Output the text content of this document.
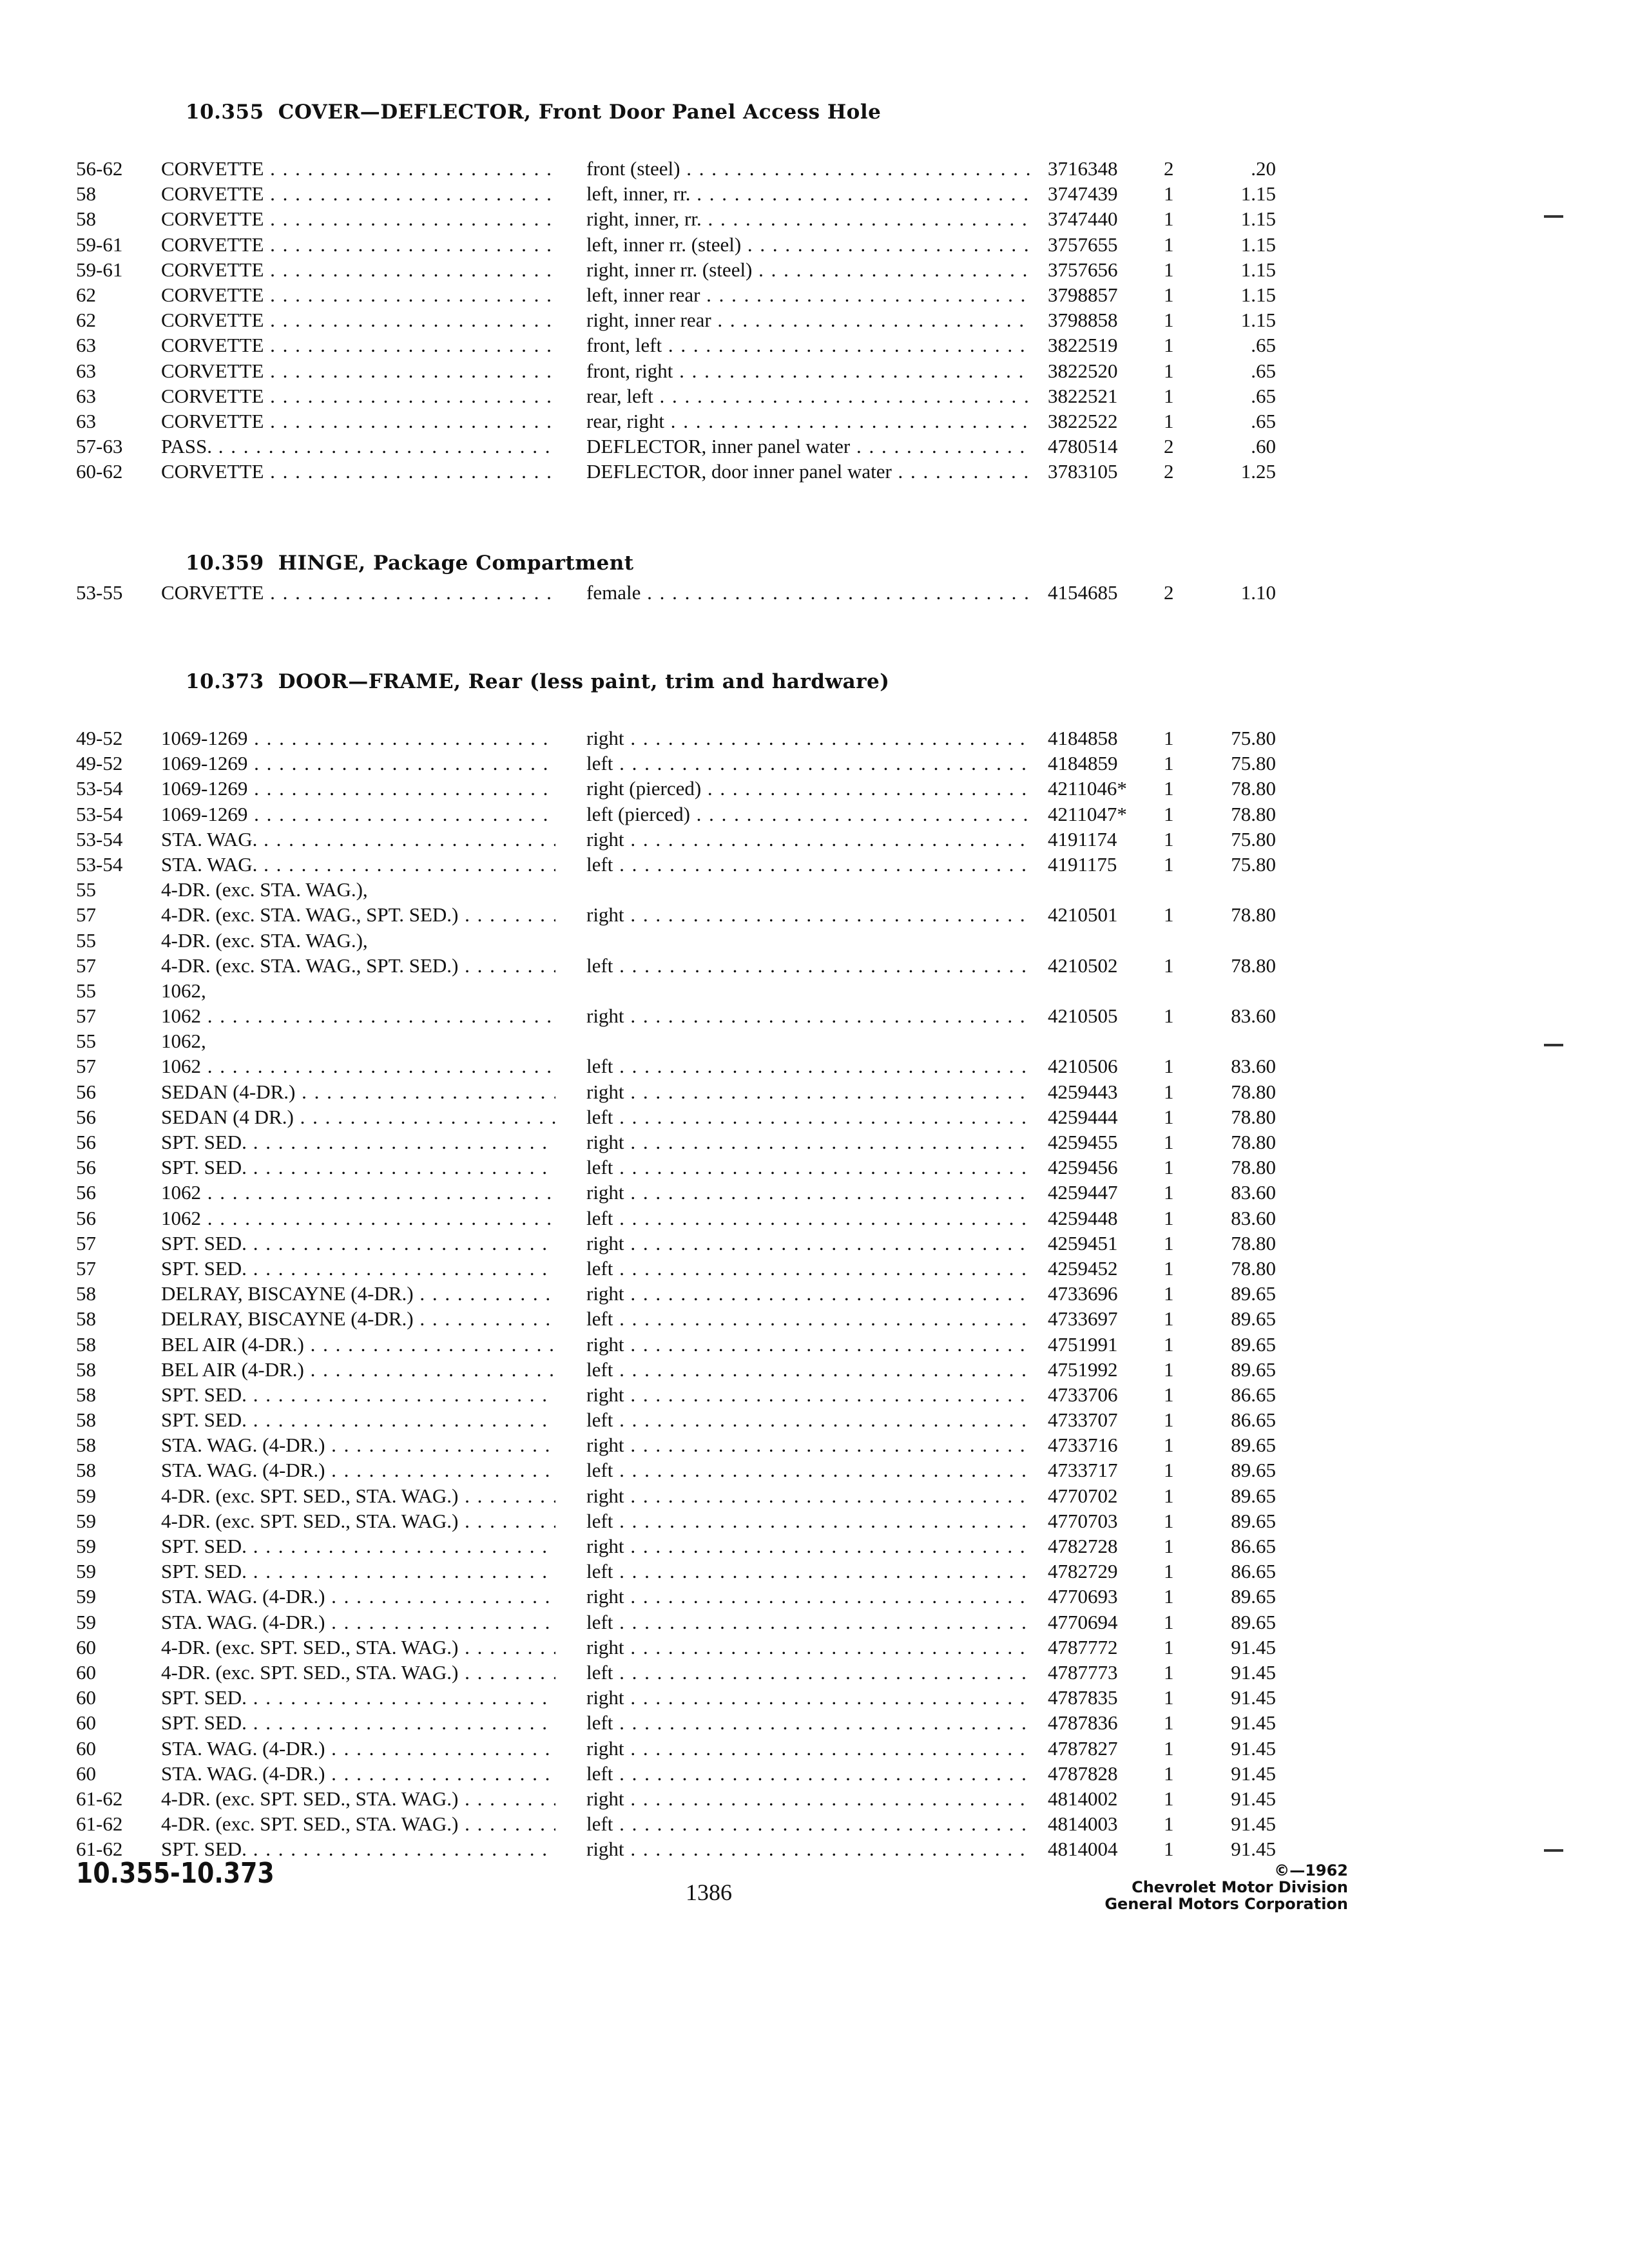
10.355 COVER—DEFLECTOR, Front Door Panel Access Hole
56-62 CORVETTE . . .	front (steel) . . .	3716348 2	.20
58	CORVETTE . . .	left, inner, rr. . . .	3747439 1	1.15
58	CORVETTE . . .	right, inner, rr. . . .	3747440 1	1.15
59-61 CORVETTE . . .	left, inner rr. (steel) . . .	3757655 1	1.15
59-61 CORVETTE . . .	right, inner rr. (steel) . . .	3757656 1	1.15
62	CORVETTE . . .	left, inner rear . . .	3798857 1	1.15
62	CORVETTE . . .	right, inner rear . . .	3798858 1	1.15
63	CORVETTE . . .	front, left . . .	3822519 1	.65
63	CORVETTE . . .	front, right . . .	3822520 1	.65
63	CORVETTE . . .	rear, left . . .	3822521 1	.65
63	CORVETTE . . .	rear, right . . .	3822522 1	.65
57-63 PASS. . . .	DEFLECTOR, inner panel water . . .	4780514 2	.60
60-62 CORVETTE . . .	DEFLECTOR, door inner panel water . . .	3783105 2	1.25
10.359 HINGE, Package Compartment
53-55 CORVETTE . . .	female . . .	4154685 2	1.10
10.373 DOOR—FRAME, Rear (less paint, trim and hardware)
49-52 1069-1269 . . .	right . . .	4184858 1	75.80
49-52 1069-1269 . . .	left . . .	4184859 1	75.80
53-54 1069-1269 . . .	right (pierced) . . .	4211046* 1	78.80
53-54 1069-1269 . . .	left (pierced) . . .	4211047* 1	78.80
53-54 STA. WAG. . . .	right . . .	4191174 1	75.80
53-54 STA. WAG. . . .	left . . .	4191175 1	75.80
55	4-DR. (exc. STA. WAG.),
57	4-DR. (exc. STA. WAG., SPT. SED.) . . .	right . . .	4210501 1	78.80
55	4-DR. (exc. STA. WAG.),
57	4-DR. (exc. STA. WAG., SPT. SED.) . . .	left . . .	4210502 1	78.80
55	1062,
57	1062 . . .	right . . .	4210505 1	83.60
55	1062,
57	1062 . . .	left . . .	4210506 1	83.60
56	SEDAN (4-DR.) . . .	right . . .	4259443 1	78.80
56	SEDAN (4 DR.) . . .	left . . .	4259444 1	78.80
56	SPT. SED. . . .	right . . .	4259455 1	78.80
56	SPT. SED. . . .	left . . .	4259456 1	78.80
56	1062 . . .	right . . .	4259447 1	83.60
56	1062 . . .	left . . .	4259448 1	83.60
57	SPT. SED. . . .	right . . .	4259451 1	78.80
57	SPT. SED. . . .	left . . .	4259452 1	78.80
58	DELRAY, BISCAYNE (4-DR.) . . .	right . . .	4733696 1	89.65
58	DELRAY, BISCAYNE (4-DR.) . . .	left . . .	4733697 1	89.65
58	BEL AIR (4-DR.) . . .	right . . .	4751991 1	89.65
58	BEL AIR (4-DR.) . . .	left . . .	4751992 1	89.65
58	SPT. SED. . . .	right . . .	4733706 1	86.65
58	SPT. SED. . . .	left . . .	4733707 1	86.65
58	STA. WAG. (4-DR.) . . .	right . . .	4733716 1	89.65
58	STA. WAG. (4-DR.) . . .	left . . .	4733717 1	89.65
59	4-DR. (exc. SPT. SED., STA. WAG.) . . .	right . . .	4770702 1	89.65
59	4-DR. (exc. SPT. SED., STA. WAG.) . . .	left . . .	4770703 1	89.65
59	SPT. SED. . . .	right . . .	4782728 1	86.65
59	SPT. SED. . . .	left . . .	4782729 1	86.65
59	STA. WAG. (4-DR.) . . .	right . . .	4770693 1	89.65
59	STA. WAG. (4-DR.) . . .	left . . .	4770694 1	89.65
60	4-DR. (exc. SPT. SED., STA. WAG.) . . .	right . . .	4787772 1	91.45
60	4-DR. (exc. SPT. SED., STA. WAG.) . . .	left . . .	4787773 1	91.45
60	SPT. SED. . . .	right . . .	4787835 1	91.45
60	SPT. SED. . . .	left . . .	4787836 1	91.45
60	STA. WAG. (4-DR.) . . .	right . . .	4787827 1	91.45
60	STA. WAG. (4-DR.) . . .	left . . .	4787828 1	91.45
61-62 4-DR. (exc. SPT. SED., STA. WAG.) . . .	right . . .	4814002 1	91.45
61-62 4-DR. (exc. SPT. SED., STA. WAG.) . . .	left . . .	4814003 1	91.45
61-62 SPT. SED. . . .	right . . .	4814004 1	91.45
10.355-10.373
1386
©—1962
Chevrolet Motor Division
General Motors Corporation
